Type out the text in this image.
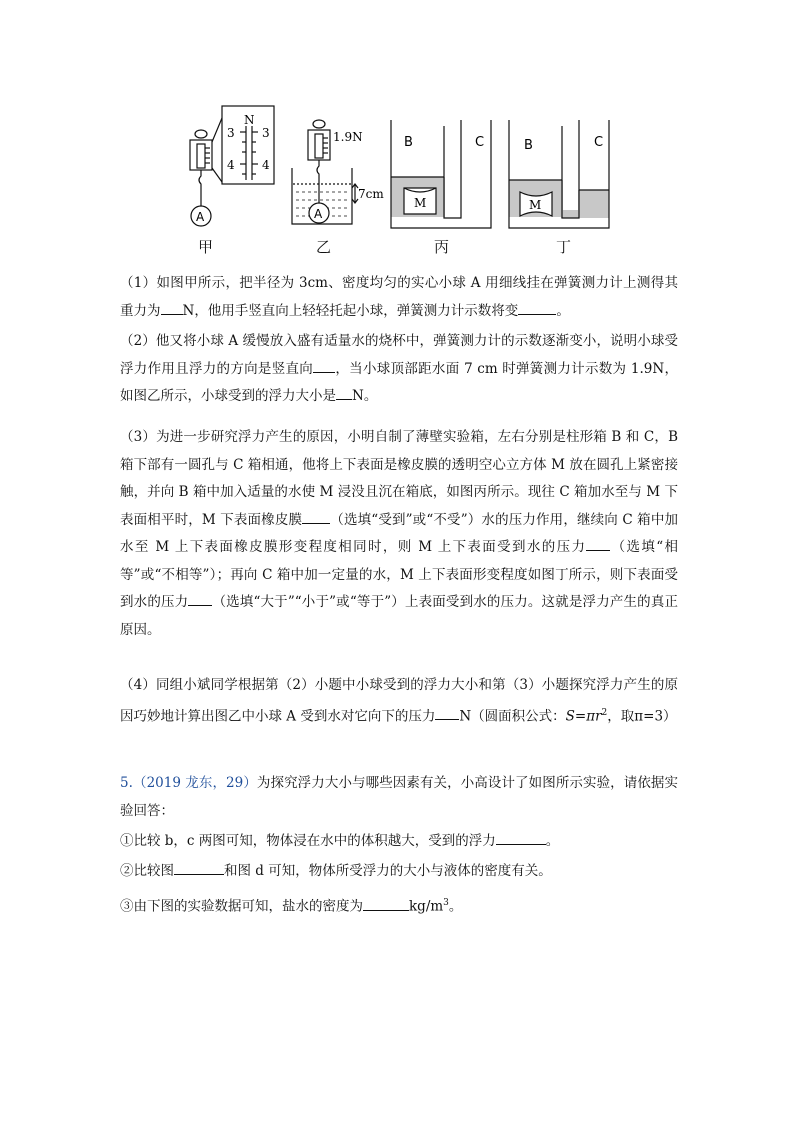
N
3 3
4 4
A
1.9N
7cm
A
B	C
M
B	C
M
甲	乙	丙	丁

（1）如图甲所示，把半径为 3cm、密度均匀的实心小球 A 用细线挂在弹簧测力计上测得其重力为 N，他用手竖直向上轻轻托起小球，弹簧测力计示数将变	。

（2）他又将小球 A 缓慢放入盛有适量水的烧杯中，弹簧测力计的示数逐渐变小，说明小球受浮力作用且浮力的方向是竖直向 ，当小球顶部距水面 7 cm 时弹簧测力计示数为 1.9N，如图乙所示，小球受到的浮力大小是 N。

（3）为进一步研究浮力产生的原因，小明自制了薄壁实验箱，左右分别是柱形箱 B 和 C，B 箱下部有一圆孔与 C 箱相通，他将上下表面是橡皮膜的透明空心立方体 M 放在圆孔上紧密接触，并向 B 箱中加入适量的水使 M 浸没且沉在箱底，如图丙所示。现往 C 箱加水至与 M 下表面相平时，M 下表面橡皮膜 （选填“受到”或“不受”）水的压力作用，继续向 C 箱中加水至 M 上下表面橡皮膜形变程度相同时，则 M 上下表面受到水的压力 （选填“相等”或“不相等”）；再向 C 箱中加一定量的水，M 上下表面形变程度如图丁所示，则下表面受到水的压力 （选填“大于”“小于”或“等于”）上表面受到水的压力。这就是浮力产生的真正原因。

（4）同组小斌同学根据第（2）小题中小球受到的浮力大小和第（3）小题探究浮力产生的原因巧妙地计算出图乙中小球 A 受到水对它向下的压力 N（圆面积公式：$S=\pi r^2$，取π=3）

5.（2019 龙东，29）为探究浮力大小与哪些因素有关，小高设计了如图所示实验，请依据实验回答：

①比较 b，c 两图可知，物体浸在水中的体积越大，受到的浮力	。

②比较图	和图 d 可知，物体所受浮力的大小与液体的密度有关。

③由下图的实验数据可知，盐水的密度为	$kg/m^3$。
